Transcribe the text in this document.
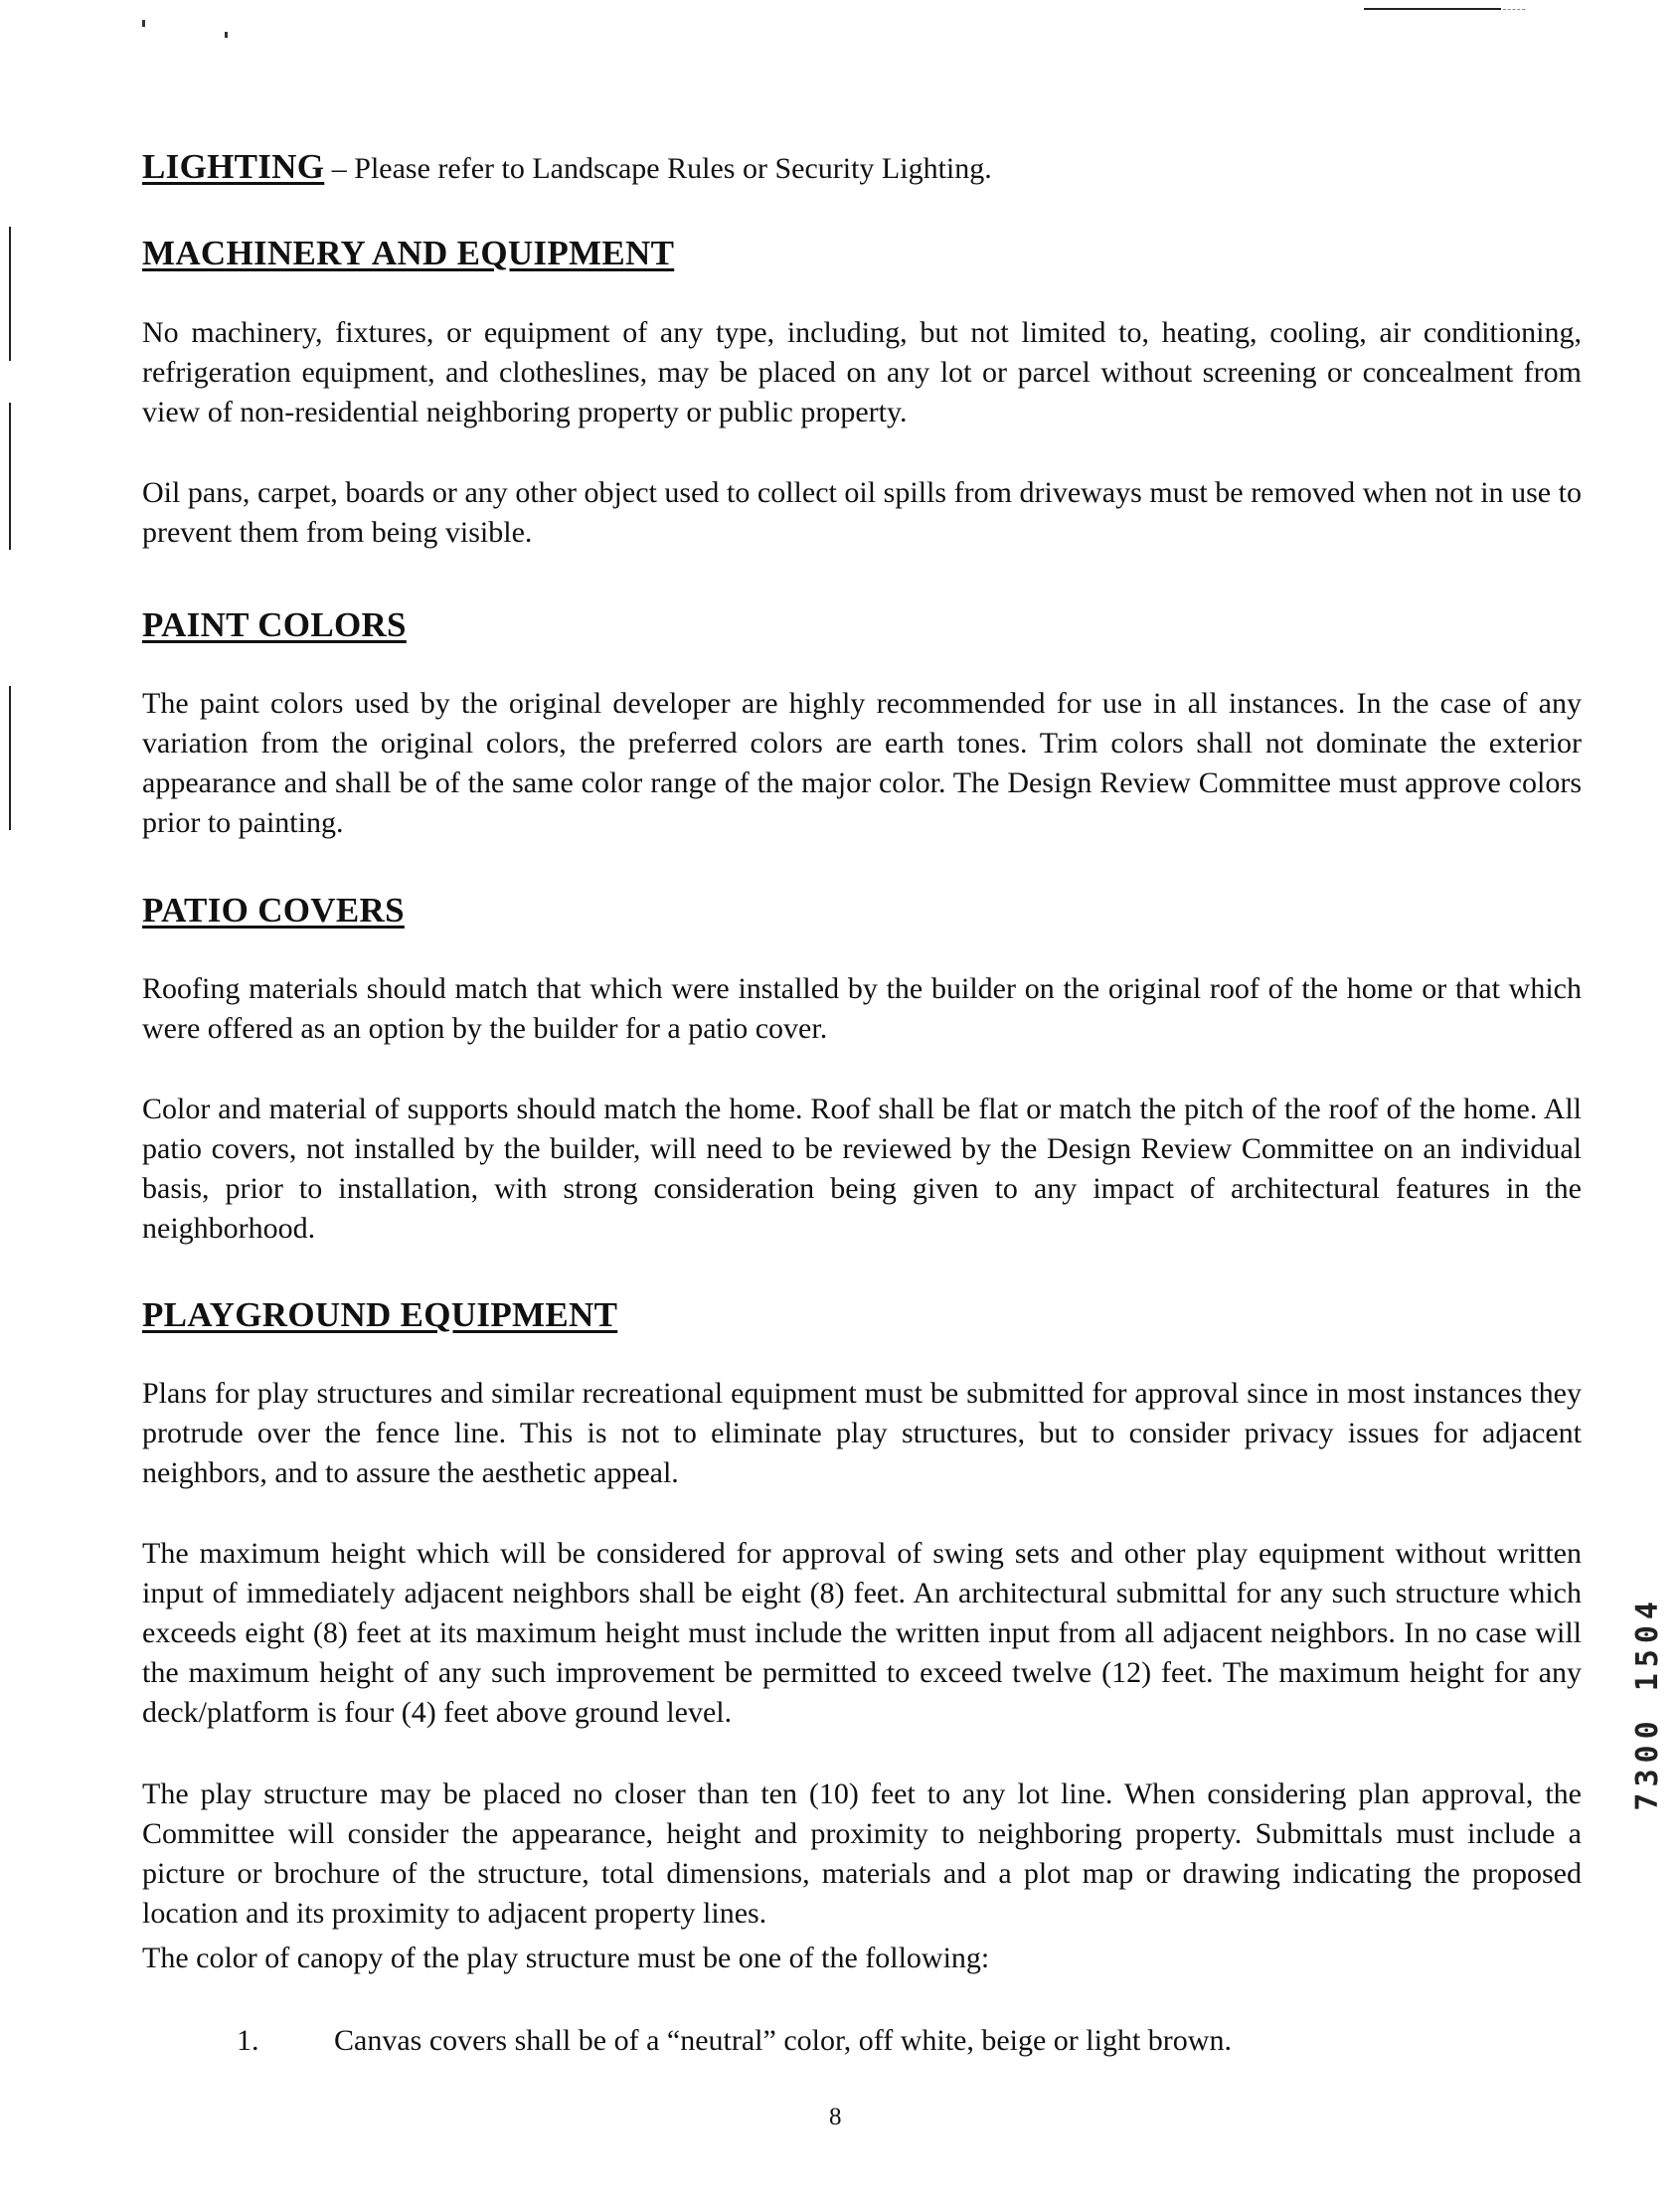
LIGHTING – Please refer to Landscape Rules or Security Lighting.
MACHINERY AND EQUIPMENT

No machinery, fixtures, or equipment of any type, including, but not limited to, heating, cooling, air conditioning, refrigeration equipment, and clotheslines, may be placed on any lot or parcel without screening or concealment from view of non-residential neighboring property or public property.

Oil pans, carpet, boards or any other object used to collect oil spills from driveways must be removed when not in use to prevent them from being visible.

PAINT COLORS

The paint colors used by the original developer are highly recommended for use in all instances. In the case of any variation from the original colors, the preferred colors are earth tones. Trim colors shall not dominate the exterior appearance and shall be of the same color range of the major color. The Design Review Committee must approve colors prior to painting.

PATIO COVERS

Roofing materials should match that which were installed by the builder on the original roof of the home or that which were offered as an option by the builder for a patio cover.

Color and material of supports should match the home. Roof shall be flat or match the pitch of the roof of the home. All patio covers, not installed by the builder, will need to be reviewed by the Design Review Committee on an individual basis, prior to installation, with strong consideration being given to any impact of architectural features in the neighborhood.

PLAYGROUND EQUIPMENT

Plans for play structures and similar recreational equipment must be submitted for approval since in most instances they protrude over the fence line. This is not to eliminate play structures, but to consider privacy issues for adjacent neighbors, and to assure the aesthetic appeal.

The maximum height which will be considered for approval of swing sets and other play equipment without written input of immediately adjacent neighbors shall be eight (8) feet. An architectural submittal for any such structure which exceeds eight (8) feet at its maximum height must include the written input from all adjacent neighbors. In no case will the maximum height of any such improvement be permitted to exceed twelve (12) feet. The maximum height for any deck/platform is four (4) feet above ground level.

The play structure may be placed no closer than ten (10) feet to any lot line. When considering plan approval, the Committee will consider the appearance, height and proximity to neighboring property. Submittals must include a picture or brochure of the structure, total dimensions, materials and a plot map or drawing indicating the proposed location and its proximity to adjacent property lines.

The color of canopy of the play structure must be one of the following:

1.	Canvas covers shall be of a “neutral” color, off white, beige or light brown.
8
7300 1504
